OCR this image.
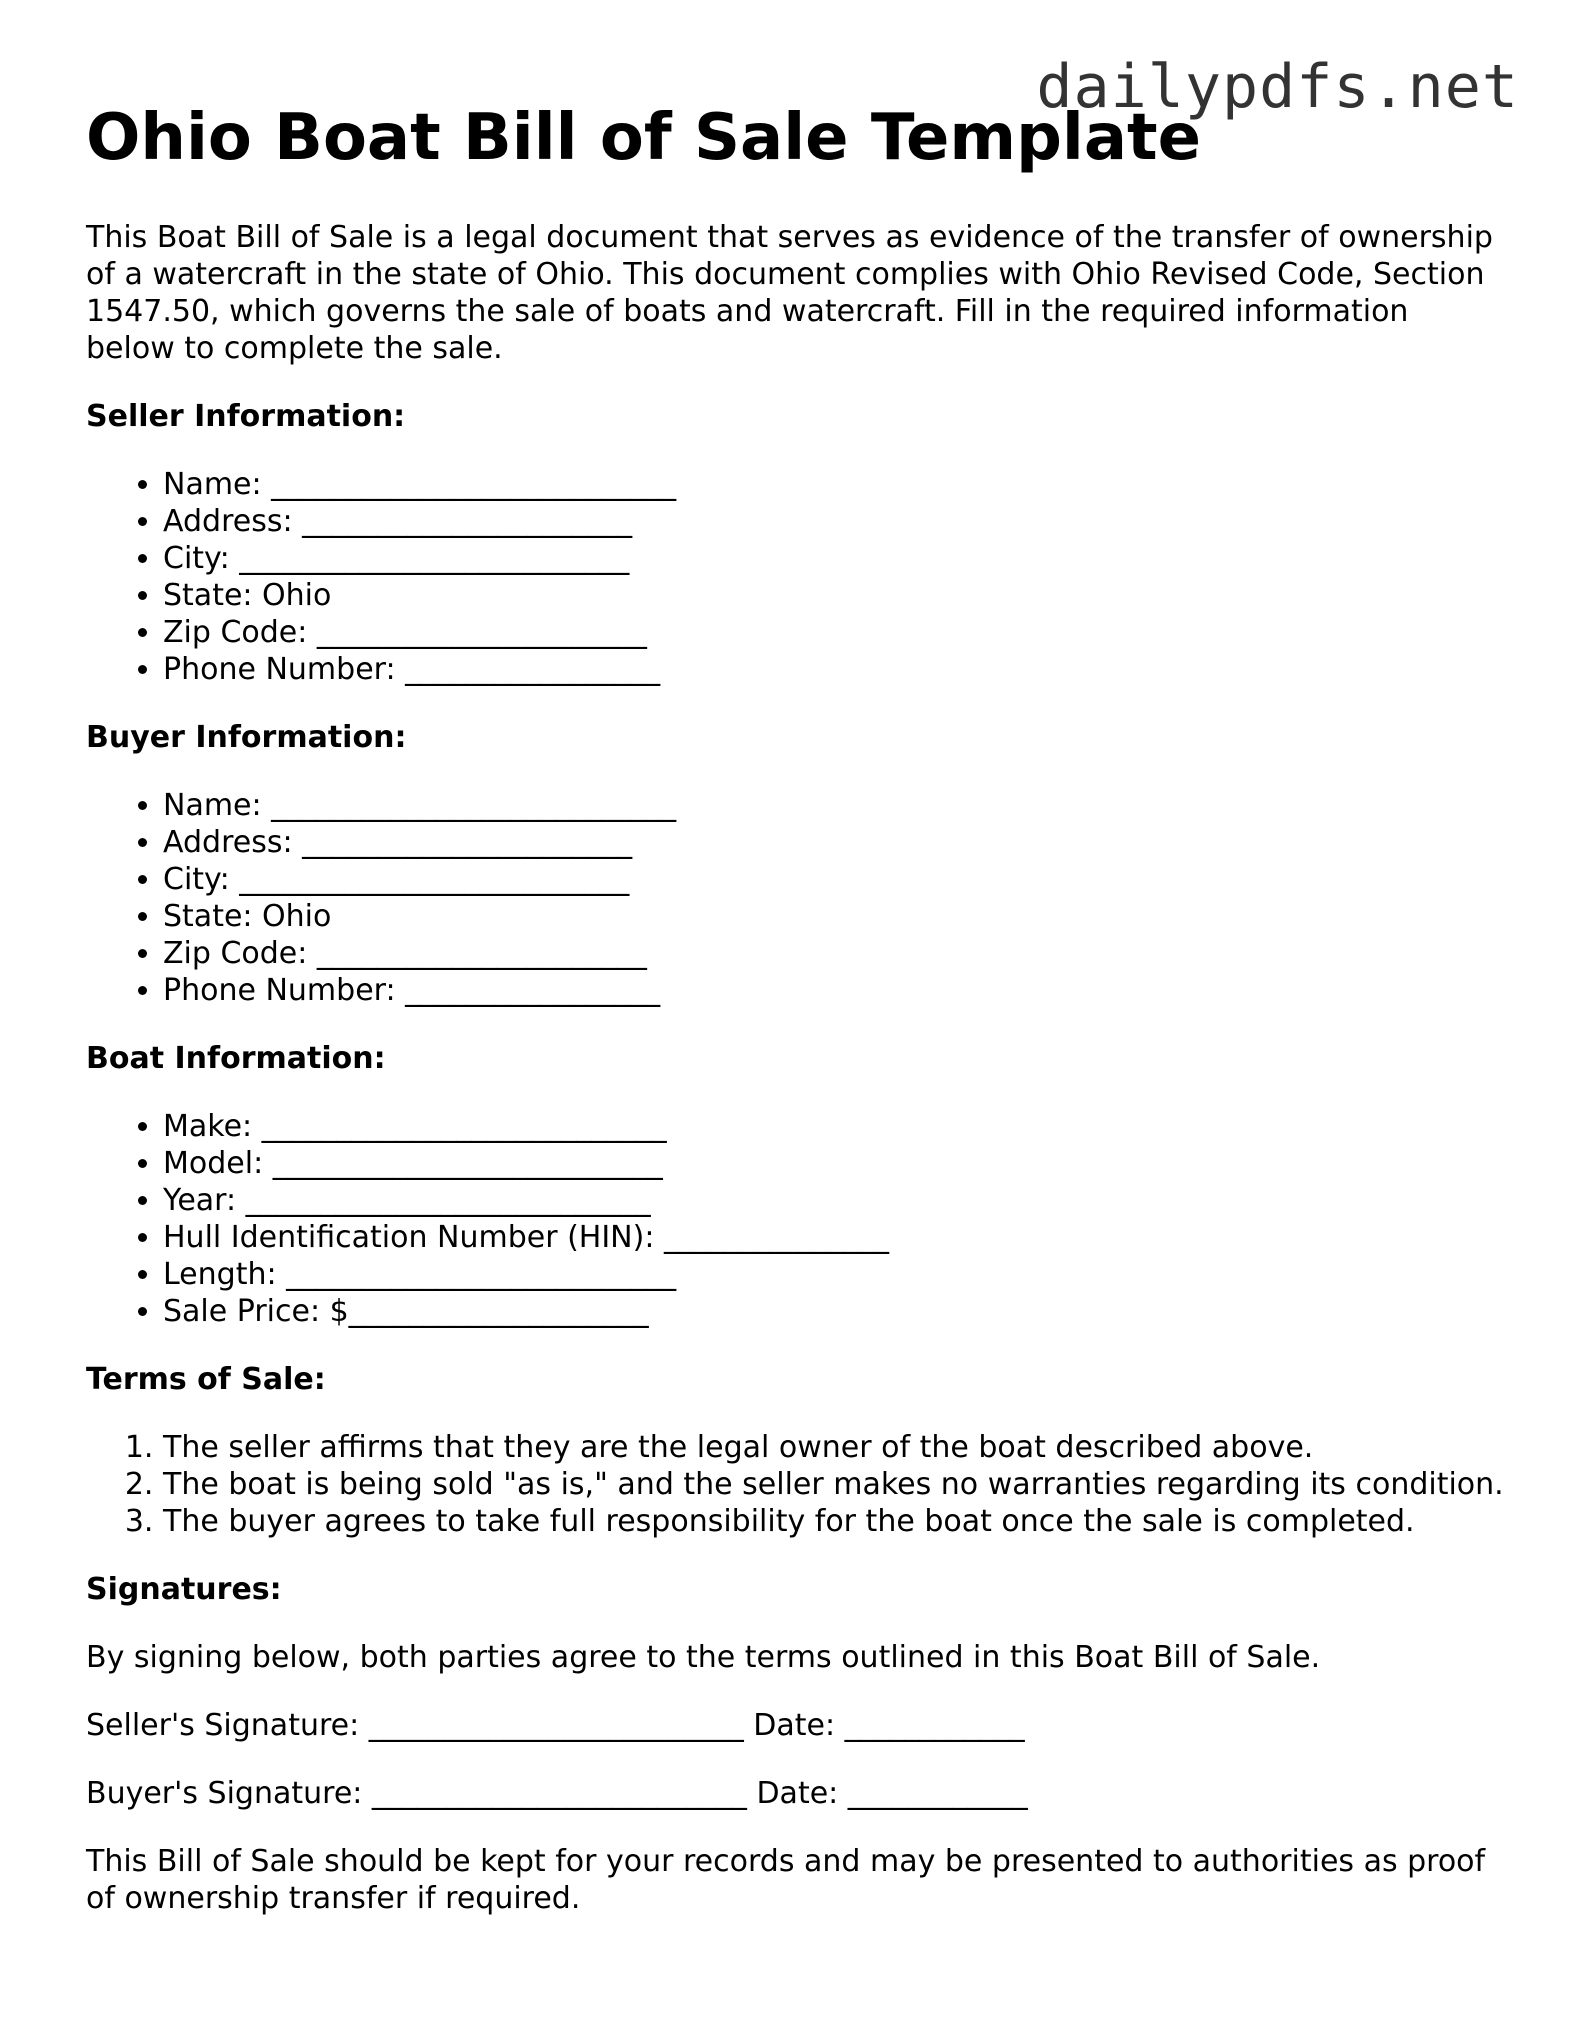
dailypdfs.net
Ohio Boat Bill of Sale Template

This Boat Bill of Sale is a legal document that serves as evidence of the transfer of ownership of a watercraft in the state of Ohio. This document complies with Ohio Revised Code, Section 1547.50, which governs the sale of boats and watercraft. Fill in the required information below to complete the sale.

Seller Information:
• Name: ___________________________
• Address: ______________________
• City: __________________________
• State: Ohio
• Zip Code: ______________________
• Phone Number: _________________
Buyer Information:
• Name: ___________________________
• Address: ______________________
• City: __________________________
• State: Ohio
• Zip Code: ______________________
• Phone Number: _________________
Boat Information:
• Make: ___________________________
• Model: __________________________
• Year: ___________________________
• Hull Identification Number (HIN): _______________
• Length: __________________________
• Sale Price: $____________________
Terms of Sale:
1. The seller affirms that they are the legal owner of the boat described above.
2. The boat is being sold "as is," and the seller makes no warranties regarding its condition.
3. The buyer agrees to take full responsibility for the boat once the sale is completed.
Signatures:

By signing below, both parties agree to the terms outlined in this Boat Bill of Sale.

Seller's Signature: _________________________ Date: ____________

Buyer's Signature: _________________________ Date: ____________

This Bill of Sale should be kept for your records and may be presented to authorities as proof of ownership transfer if required.
